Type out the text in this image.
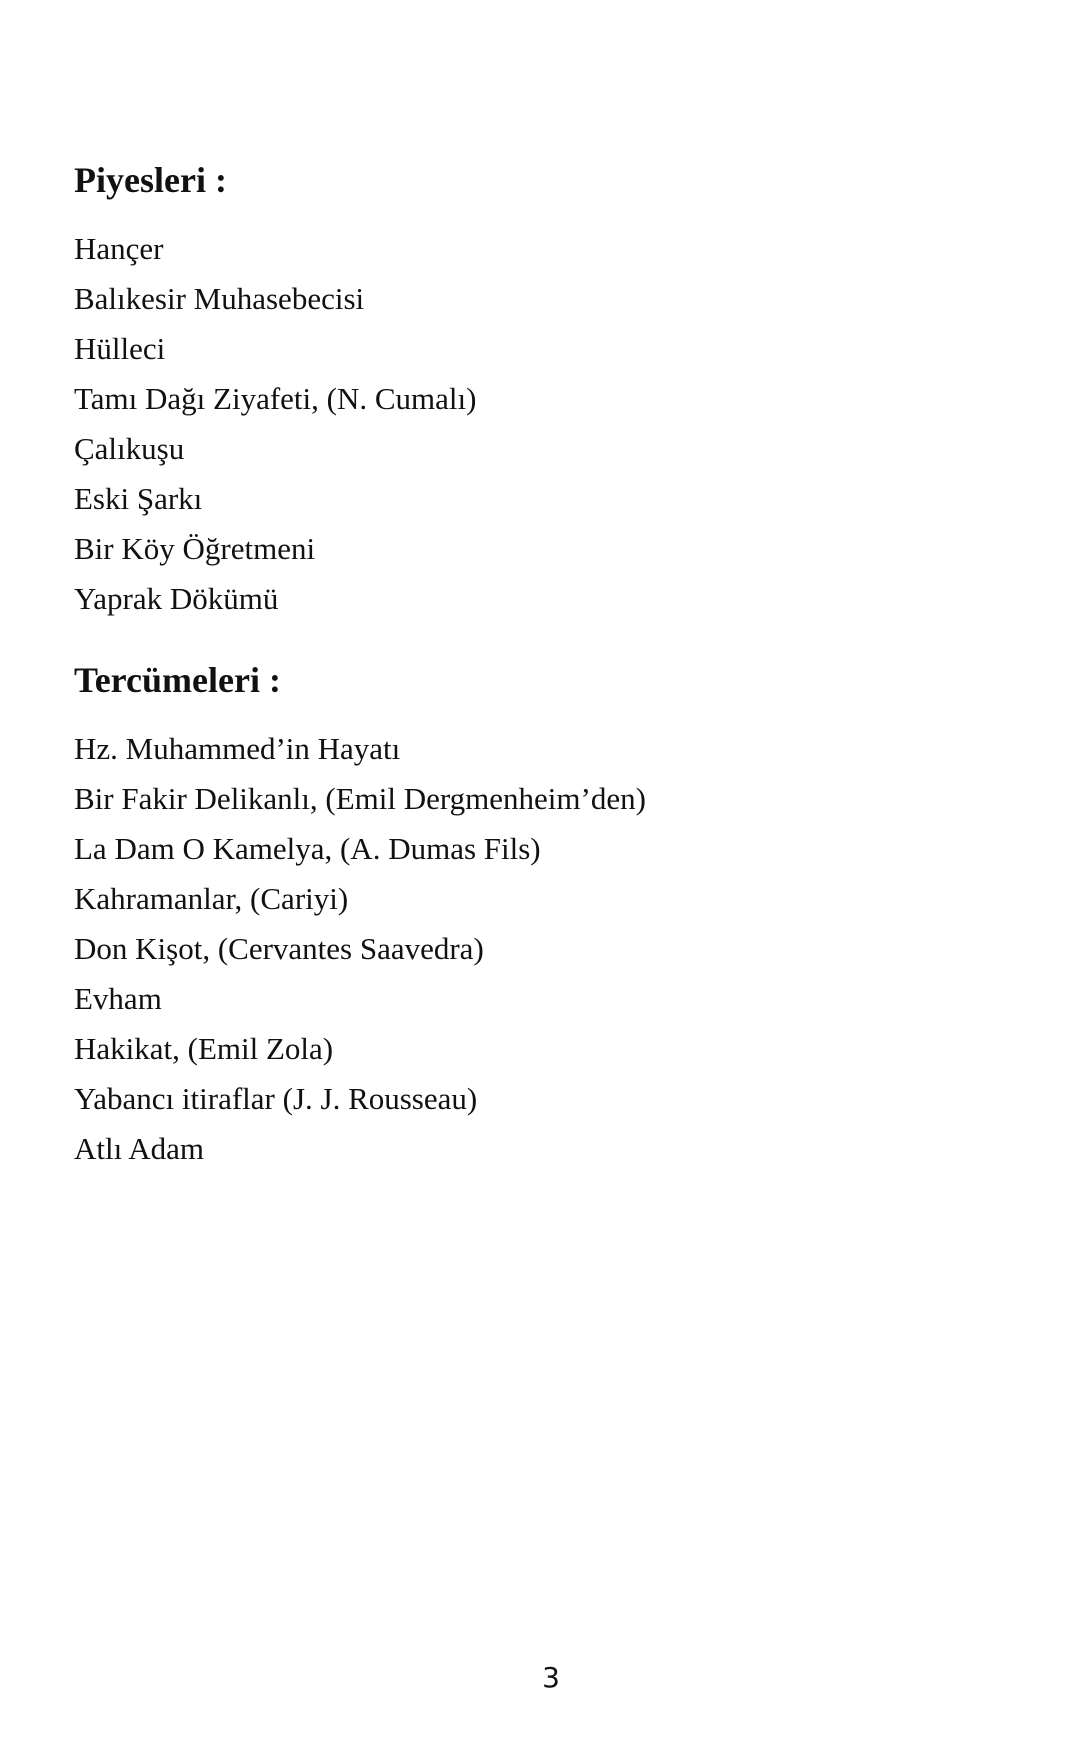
Piyesleri :
Hançer
Balıkesir Muhasebecisi
Hülleci
Tamı Dağı Ziyafeti, (N. Cumalı)
Çalıkuşu
Eski Şarkı
Bir Köy Öğretmeni
Yaprak Dökümü
Tercümeleri :
Hz. Muhammed’in Hayatı
Bir Fakir Delikanlı, (Emil Dergmenheim’den)
La Dam O Kamelya, (A. Dumas Fils)
Kahramanlar, (Cariyi)
Don Kişot, (Cervantes Saavedra)
Evham
Hakikat, (Emil Zola)
Yabancı itiraflar (J. J. Rousseau)
Atlı Adam
3
